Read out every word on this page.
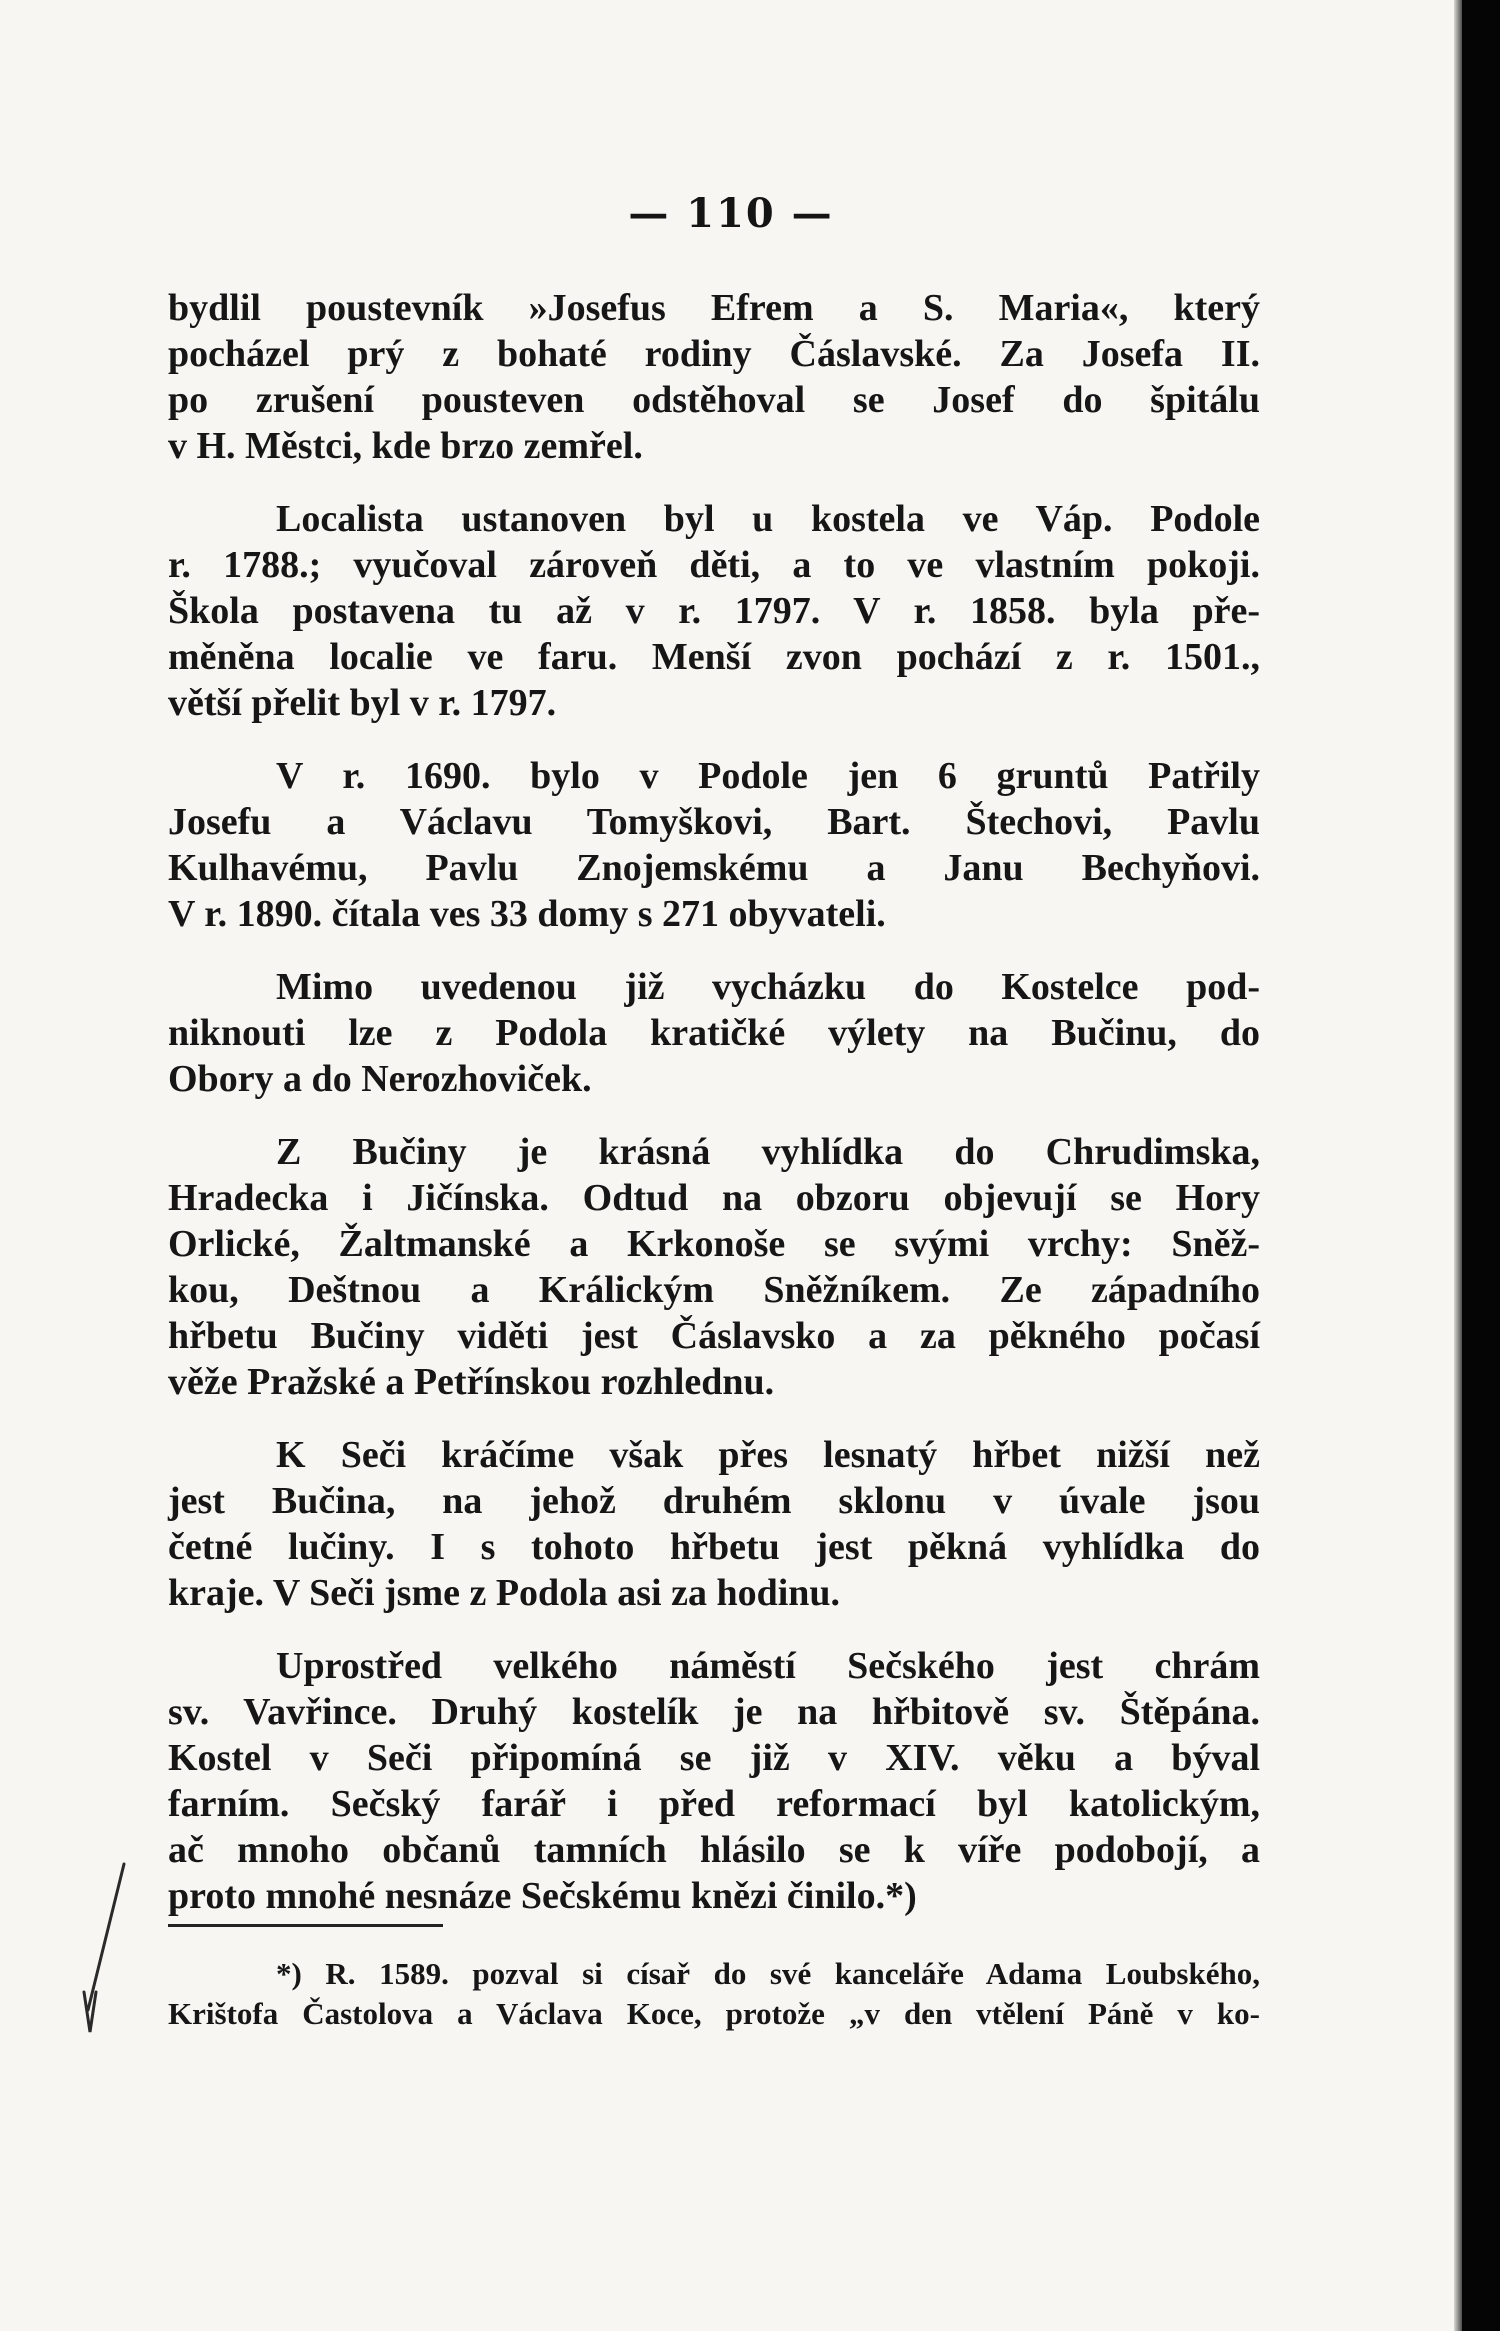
— 110 —
bydlil poustevník »Josefus Efrem a S. Maria«, který
pocházel prý z bohaté rodiny Čáslavské. Za Josefa II.
po zrušení pousteven odstěhoval se Josef do špitálu
v H. Městci, kde brzo zemřel.
Localista ustanoven byl u kostela ve Váp. Podole
r. 1788.; vyučoval zároveň děti, a to ve vlastním pokoji.
Škola postavena tu až v r. 1797. V r. 1858. byla pře-
měněna localie ve faru. Menší zvon pochází z r. 1501.,
větší přelit byl v r. 1797.
V r. 1690. bylo v Podole jen 6 gruntů Patřily
Josefu a Václavu Tomyškovi, Bart. Štechovi, Pavlu
Kulhavému, Pavlu Znojemskému a Janu Bechyňovi.
V r. 1890. čítala ves 33 domy s 271 obyvateli.
Mimo uvedenou již vycházku do Kostelce pod-
niknouti lze z Podola kratičké výlety na Bučinu, do
Obory a do Nerozhoviček.
Z Bučiny je krásná vyhlídka do Chrudimska,
Hradecka i Jičínska. Odtud na obzoru objevují se Hory
Orlické, Žaltmanské a Krkonoše se svými vrchy: Sněž-
kou, Deštnou a Králickým Sněžníkem. Ze západního
hřbetu Bučiny viděti jest Čáslavsko a za pěkného počasí
věže Pražské a Petřínskou rozhlednu.
K Seči kráčíme však přes lesnatý hřbet nižší než
jest Bučina, na jehož druhém sklonu v úvale jsou
četné lučiny. I s tohoto hřbetu jest pěkná vyhlídka do
kraje. V Seči jsme z Podola asi za hodinu.
Uprostřed velkého náměstí Sečského jest chrám
sv. Vavřince. Druhý kostelík je na hřbitově sv. Štěpána.
Kostel v Seči připomíná se již v XIV. věku a býval
farním. Sečský farář i před reformací byl katolickým,
ač mnoho občanů tamních hlásilo se k víře podobojí, a
proto mnohé nesnáze Sečskému knězi činilo.*)
*) R. 1589. pozval si císař do své kanceláře Adama Loubského,
Krištofa Častolova a Václava Koce, protože „v den vtělení Páně v ko-
